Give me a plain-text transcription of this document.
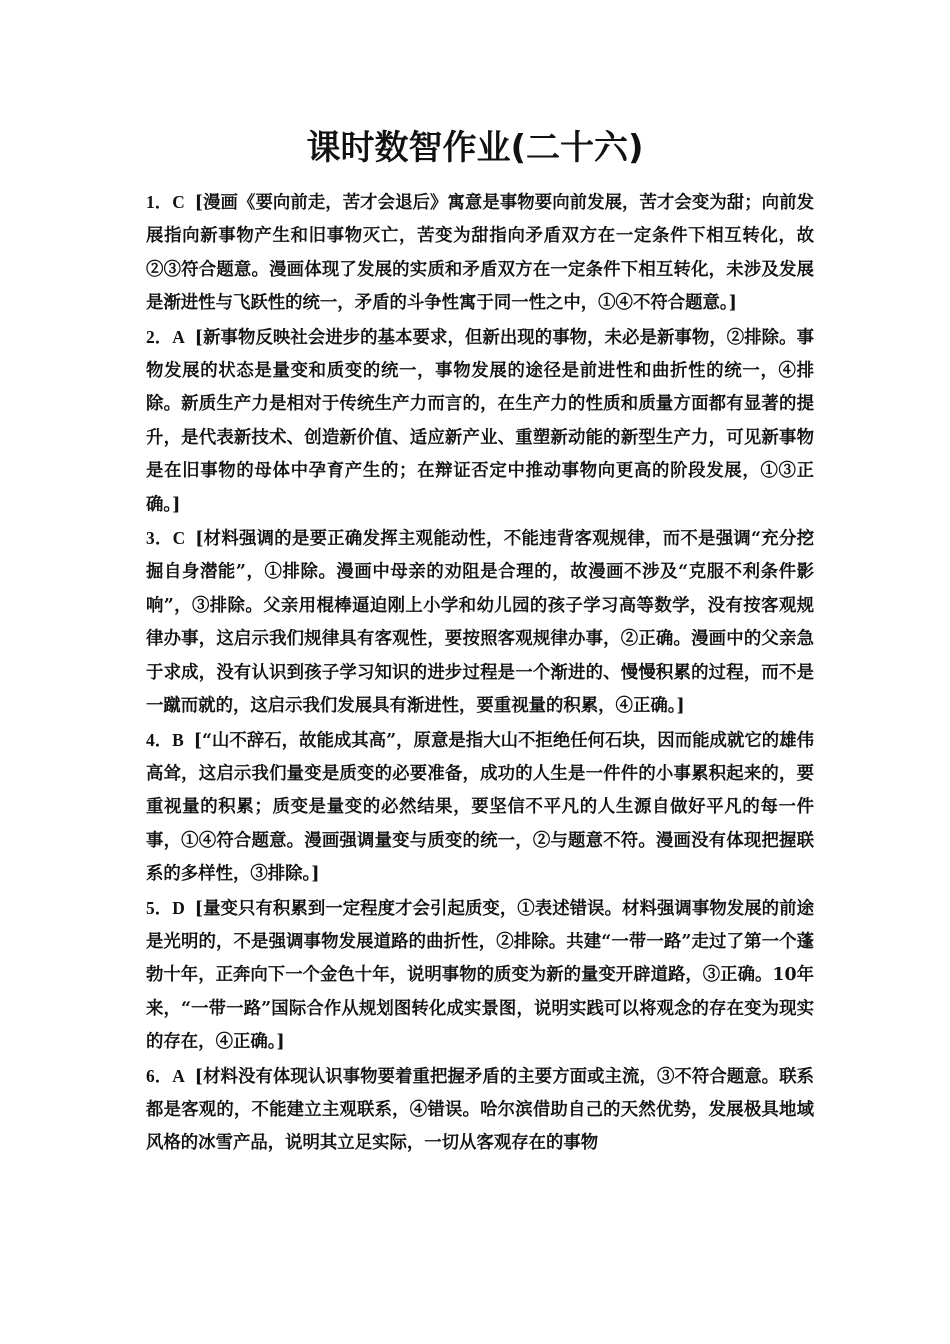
课时数智作业(二十六)

1．C [漫画《要向前走，苦才会退后》寓意是事物要向前发展，苦才会变为甜；向前发展指向新事物产生和旧事物灭亡，苦变为甜指向矛盾双方在一定条件下相互转化，故②③符合题意。漫画体现了发展的实质和矛盾双方在一定条件下相互转化，未涉及发展是渐进性与飞跃性的统一，矛盾的斗争性寓于同一性之中，①④不符合题意。]

2．A [新事物反映社会进步的基本要求，但新出现的事物，未必是新事物，②排除。事物发展的状态是量变和质变的统一，事物发展的途径是前进性和曲折性的统一，④排除。新质生产力是相对于传统生产力而言的，在生产力的性质和质量方面都有显著的提升，是代表新技术、创造新价值、适应新产业、重塑新动能的新型生产力，可见新事物是在旧事物的母体中孕育产生的；在辩证否定中推动事物向更高的阶段发展，①③正确。]

3．C [材料强调的是要正确发挥主观能动性，不能违背客观规律，而不是强调“充分挖掘自身潜能”，①排除。漫画中母亲的劝阻是合理的，故漫画不涉及“克服不利条件影响”，③排除。父亲用棍棒逼迫刚上小学和幼儿园的孩子学习高等数学，没有按客观规律办事，这启示我们规律具有客观性，要按照客观规律办事，②正确。漫画中的父亲急于求成，没有认识到孩子学习知识的进步过程是一个渐进的、慢慢积累的过程，而不是一蹴而就的，这启示我们发展具有渐进性，要重视量的积累，④正确。]

4．B [“山不辞石，故能成其高”，原意是指大山不拒绝任何石块，因而能成就它的雄伟高耸，这启示我们量变是质变的必要准备，成功的人生是一件件的小事累积起来的，要重视量的积累；质变是量变的必然结果，要坚信不平凡的人生源自做好平凡的每一件事，①④符合题意。漫画强调量变与质变的统一，②与题意不符。漫画没有体现把握联系的多样性，③排除。]

5．D [量变只有积累到一定程度才会引起质变，①表述错误。材料强调事物发展的前途是光明的，不是强调事物发展道路的曲折性，②排除。共建“一带一路”走过了第一个蓬勃十年，正奔向下一个金色十年，说明事物的质变为新的量变开辟道路，③正确。10年来，“一带一路”国际合作从规划图转化成实景图，说明实践可以将观念的存在变为现实的存在，④正确。]

6．A [材料没有体现认识事物要着重把握矛盾的主要方面或主流，③不符合题意。联系都是客观的，不能建立主观联系，④错误。哈尔滨借助自己的天然优势，发展极具地域风格的冰雪产品，说明其立足实际，一切从客观存在的事物
